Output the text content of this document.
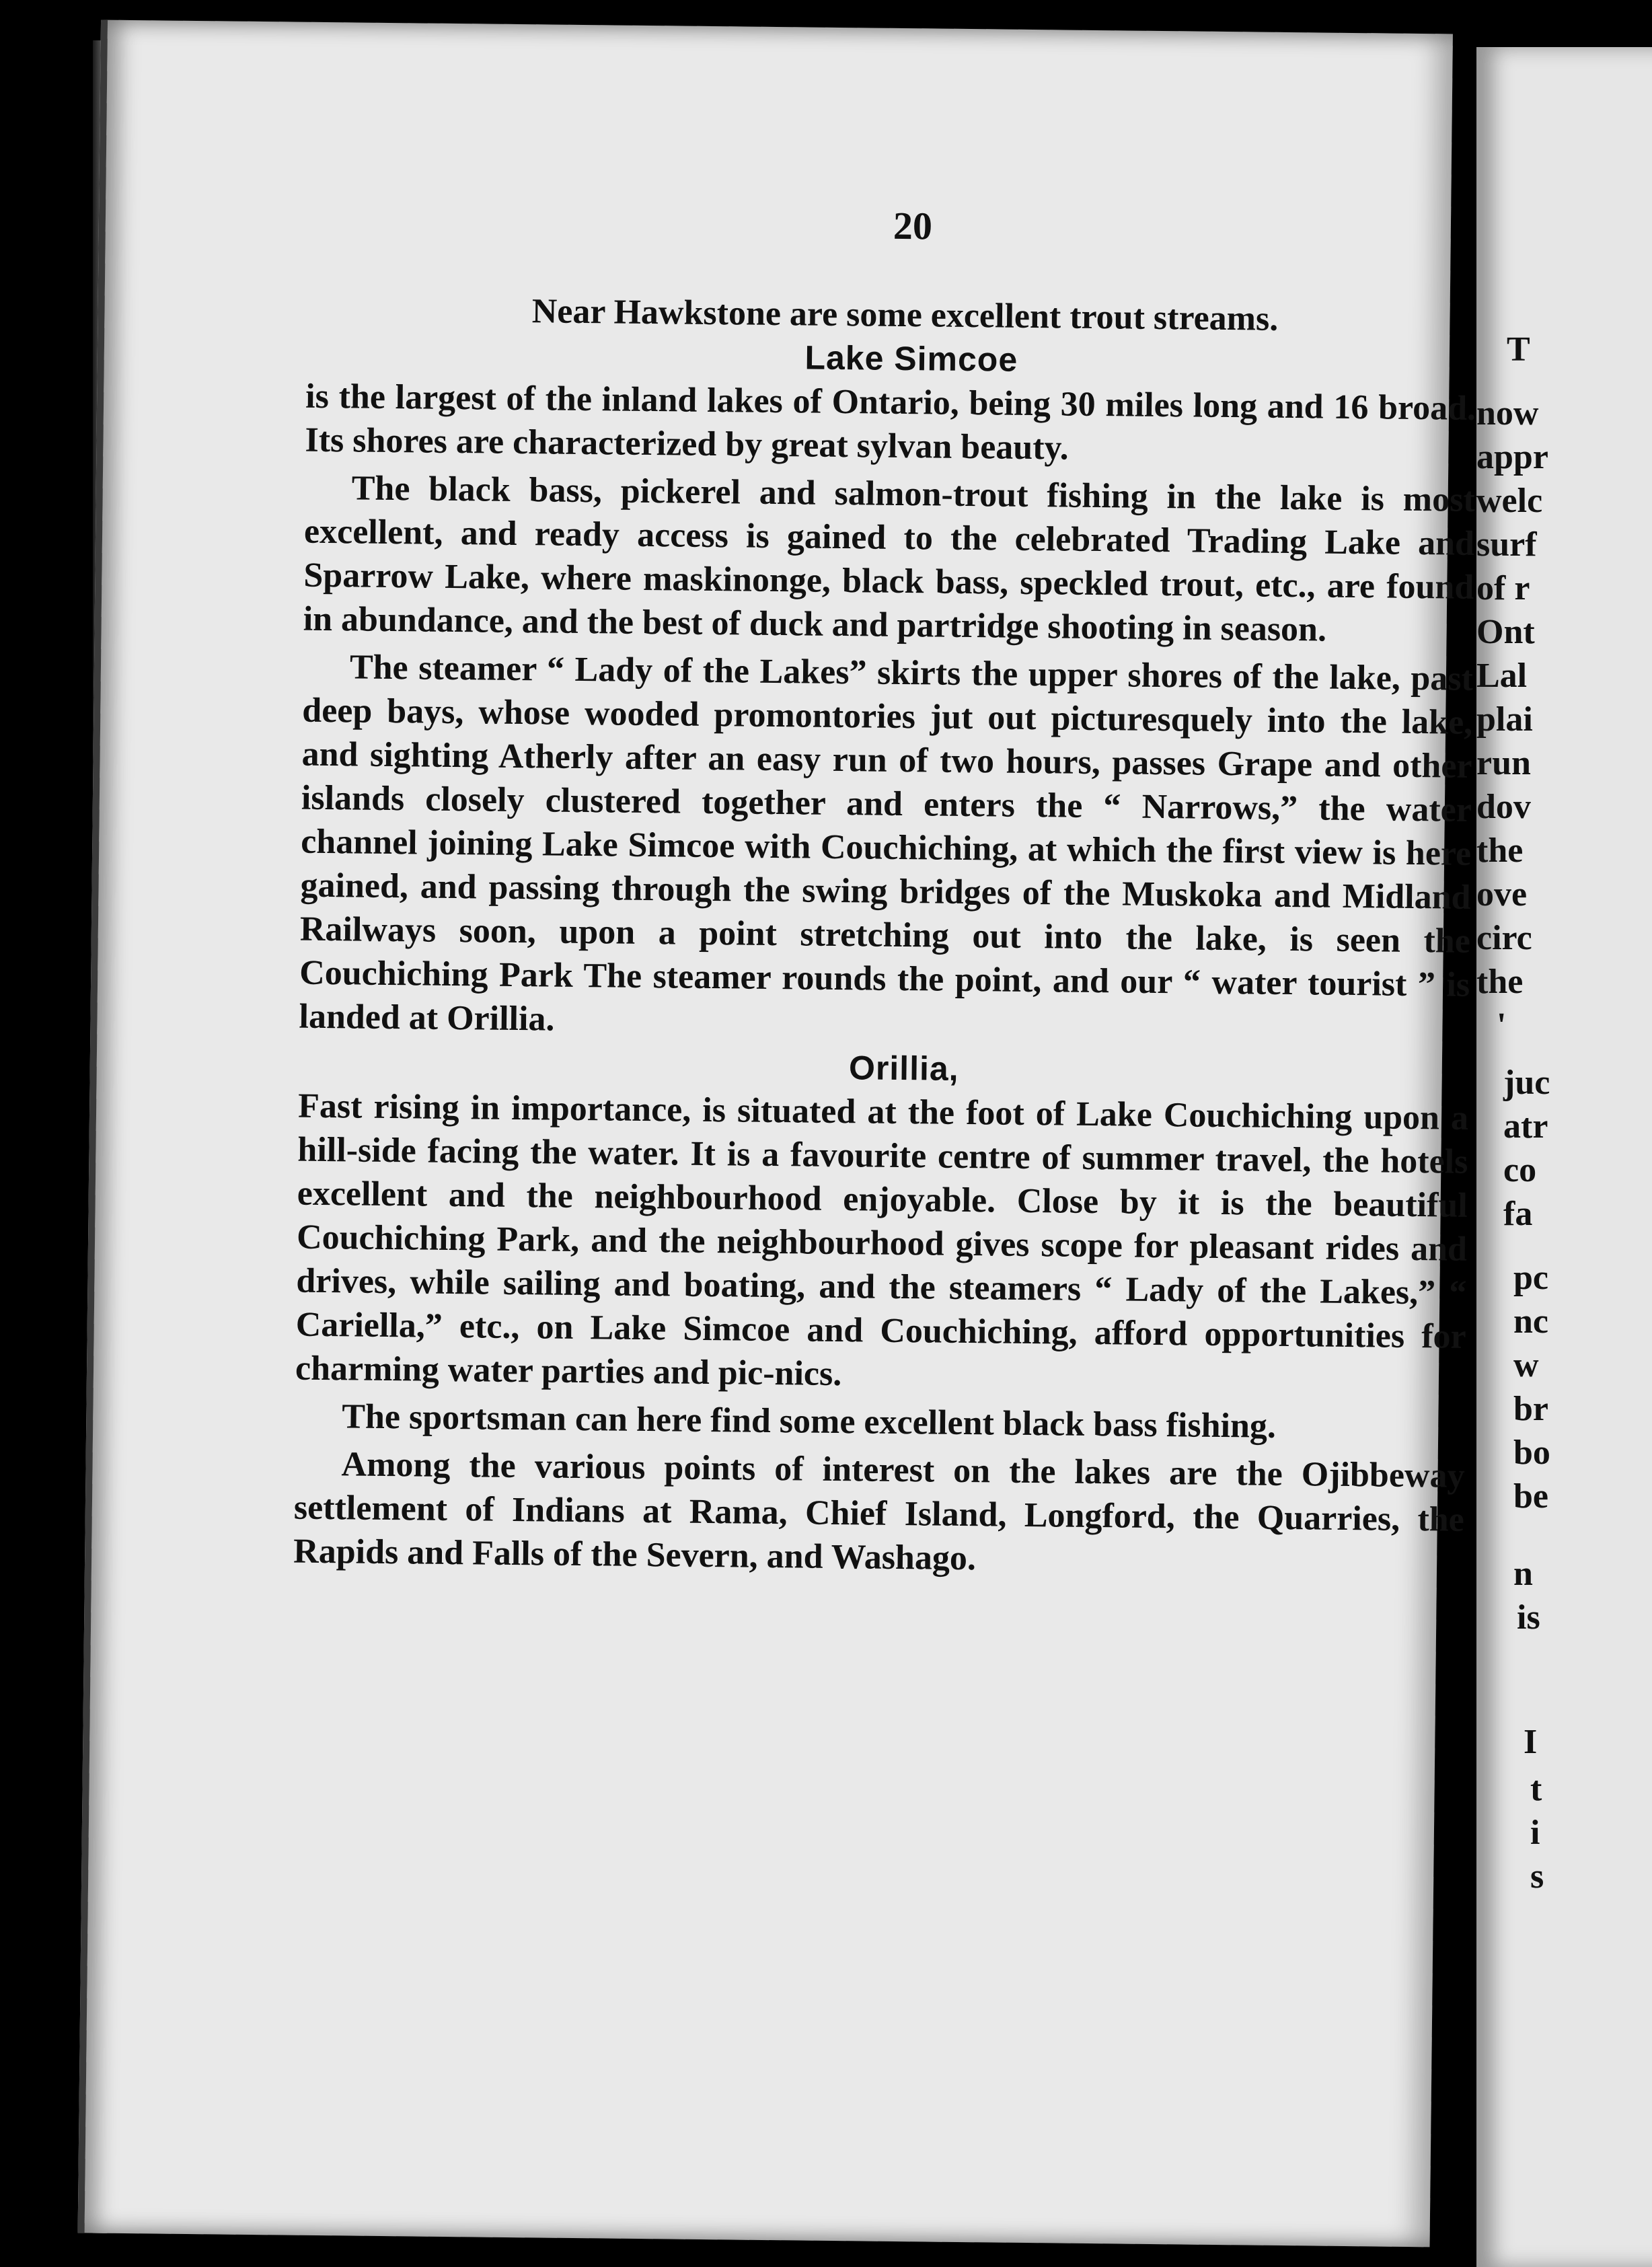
20

Near Hawkstone are some excellent trout streams.

Lake Simcoe

is the largest of the inland lakes of Ontario, being 30 miles long and 16 broad. Its shores are characterized by great sylvan beauty.

The black bass, pickerel and salmon-trout fishing in the lake is most excellent, and ready access is gained to the celebrated Trading Lake and Sparrow Lake, where maskinonge, black bass, speckled trout, etc., are found in abundance, and the best of duck and partridge shooting in season.

The steamer “ Lady of the Lakes” skirts the upper shores of the lake, past deep bays, whose wooded promontories jut out picturesquely into the lake, and sighting Atherly after an easy run of two hours, passes Grape and other islands closely clustered together and enters the “ Narrows,” the water channel joining Lake Simcoe with Couchiching, at which the first view is here gained, and passing through the swing bridges of the Muskoka and Midland Railways soon, upon a point stretching out into the lake, is seen the Couchiching Park The steamer rounds the point, and our “ water tourist ” is landed at Orillia.

Orillia,

Fast rising in importance, is situated at the foot of Lake Couchiching upon a hill-side facing the water. It is a favourite centre of summer travel, the hotels excellent and the neighbourhood enjoyable. Close by it is the beautiful Couchiching Park, and the neighbourhood gives scope for pleasant rides and drives, while sailing and boating, and the steamers “ Lady of the Lakes,” “ Cariella,” etc., on Lake Simcoe and Couchiching, afford opportunities for charming water parties and pic-nics.

The sportsman can here find some excellent black bass fishing.

Among the various points of interest on the lakes are the Ojibbeway settlement of Indians at Rama, Chief Island, Longford, the Quarries, the Rapids and Falls of the Severn, and Washago.

T
now
appr
welc
surf
of r
Ont
Lal
plai
run
dov
the
ove
circ
the
'
juc
atr
co
fa
pc
nc
w
br
bo
be
n
is
I
t
i
s
